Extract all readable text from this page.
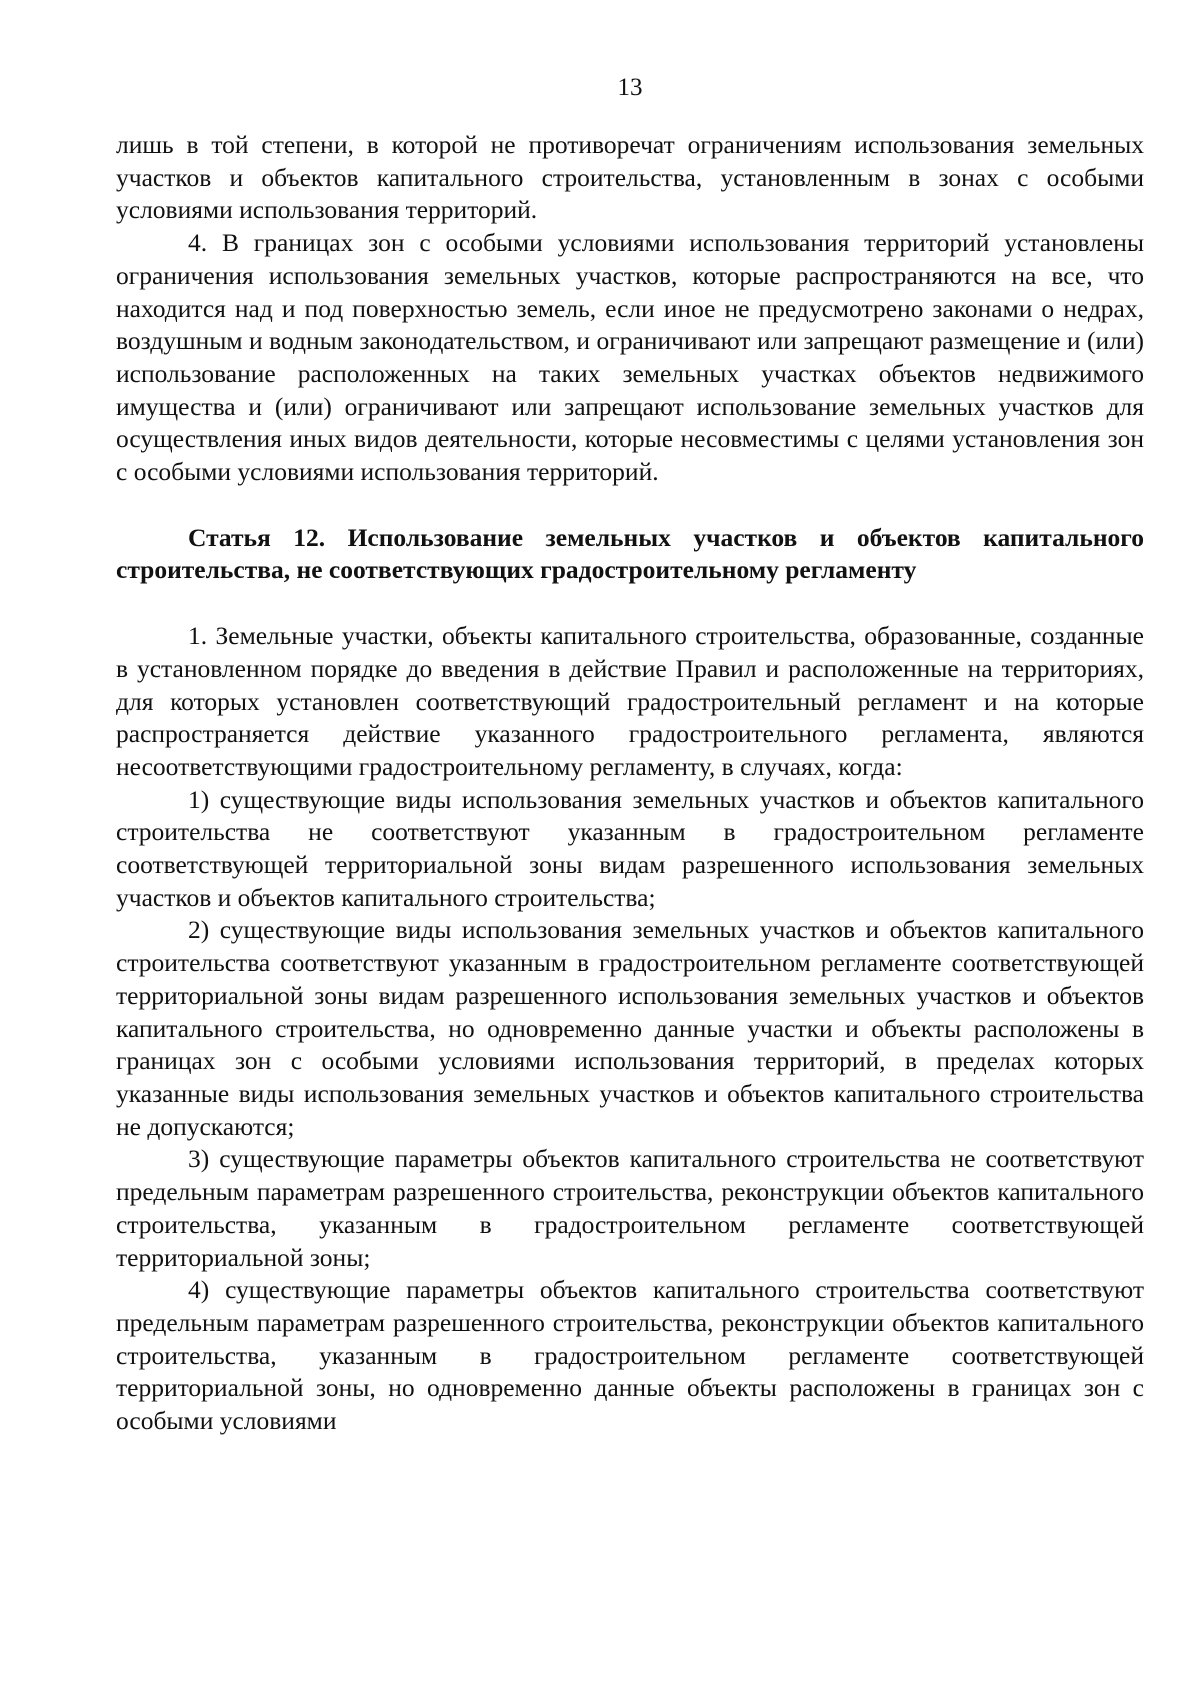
13

лишь в той степени, в которой не противоречат ограничениям использования земельных участков и объектов капитального строительства, установленным в зонах с особыми условиями использования территорий.

4. В границах зон с особыми условиями использования территорий установлены ограничения использования земельных участков, которые распространяются на все, что находится над и под поверхностью земель, если иное не предусмотрено законами о недрах, воздушным и водным законодательством, и ограничивают или запрещают размещение и (или) использование расположенных на таких земельных участках объектов недвижимого имущества и (или) ограничивают или запрещают использование земельных участков для осуществления иных видов деятельности, которые несовместимы с целями установления зон с особыми условиями использования территорий.

Статья 12. Использование земельных участков и объектов капитального строительства, не соответствующих градостроительному регламенту

1. Земельные участки, объекты капитального строительства, образованные, созданные в установленном порядке до введения в действие Правил и расположенные на территориях, для которых установлен соответствующий градостроительный регламент и на которые распространяется действие указанного градостроительного регламента, являются несоответствующими градостроительному регламенту, в случаях, когда:

1) существующие виды использования земельных участков и объектов капитального строительства не соответствуют указанным в градостроительном регламенте соответствующей территориальной зоны видам разрешенного использования земельных участков и объектов капитального строительства;

2) существующие виды использования земельных участков и объектов капитального строительства соответствуют указанным в градостроительном регламенте соответствующей территориальной зоны видам разрешенного использования земельных участков и объектов капитального строительства, но одновременно данные участки и объекты расположены в границах зон с особыми условиями использования территорий, в пределах которых указанные виды использования земельных участков и объектов капитального строительства не допускаются;

3) существующие параметры объектов капитального строительства не соответствуют предельным параметрам разрешенного строительства, реконструкции объектов капитального строительства, указанным в градостроительном регламенте соответствующей территориальной зоны;

4) существующие параметры объектов капитального строительства соответствуют предельным параметрам разрешенного строительства, реконструкции объектов капитального строительства, указанным в градостроительном регламенте соответствующей территориальной зоны, но одновременно данные объекты расположены в границах зон с особыми условиями
